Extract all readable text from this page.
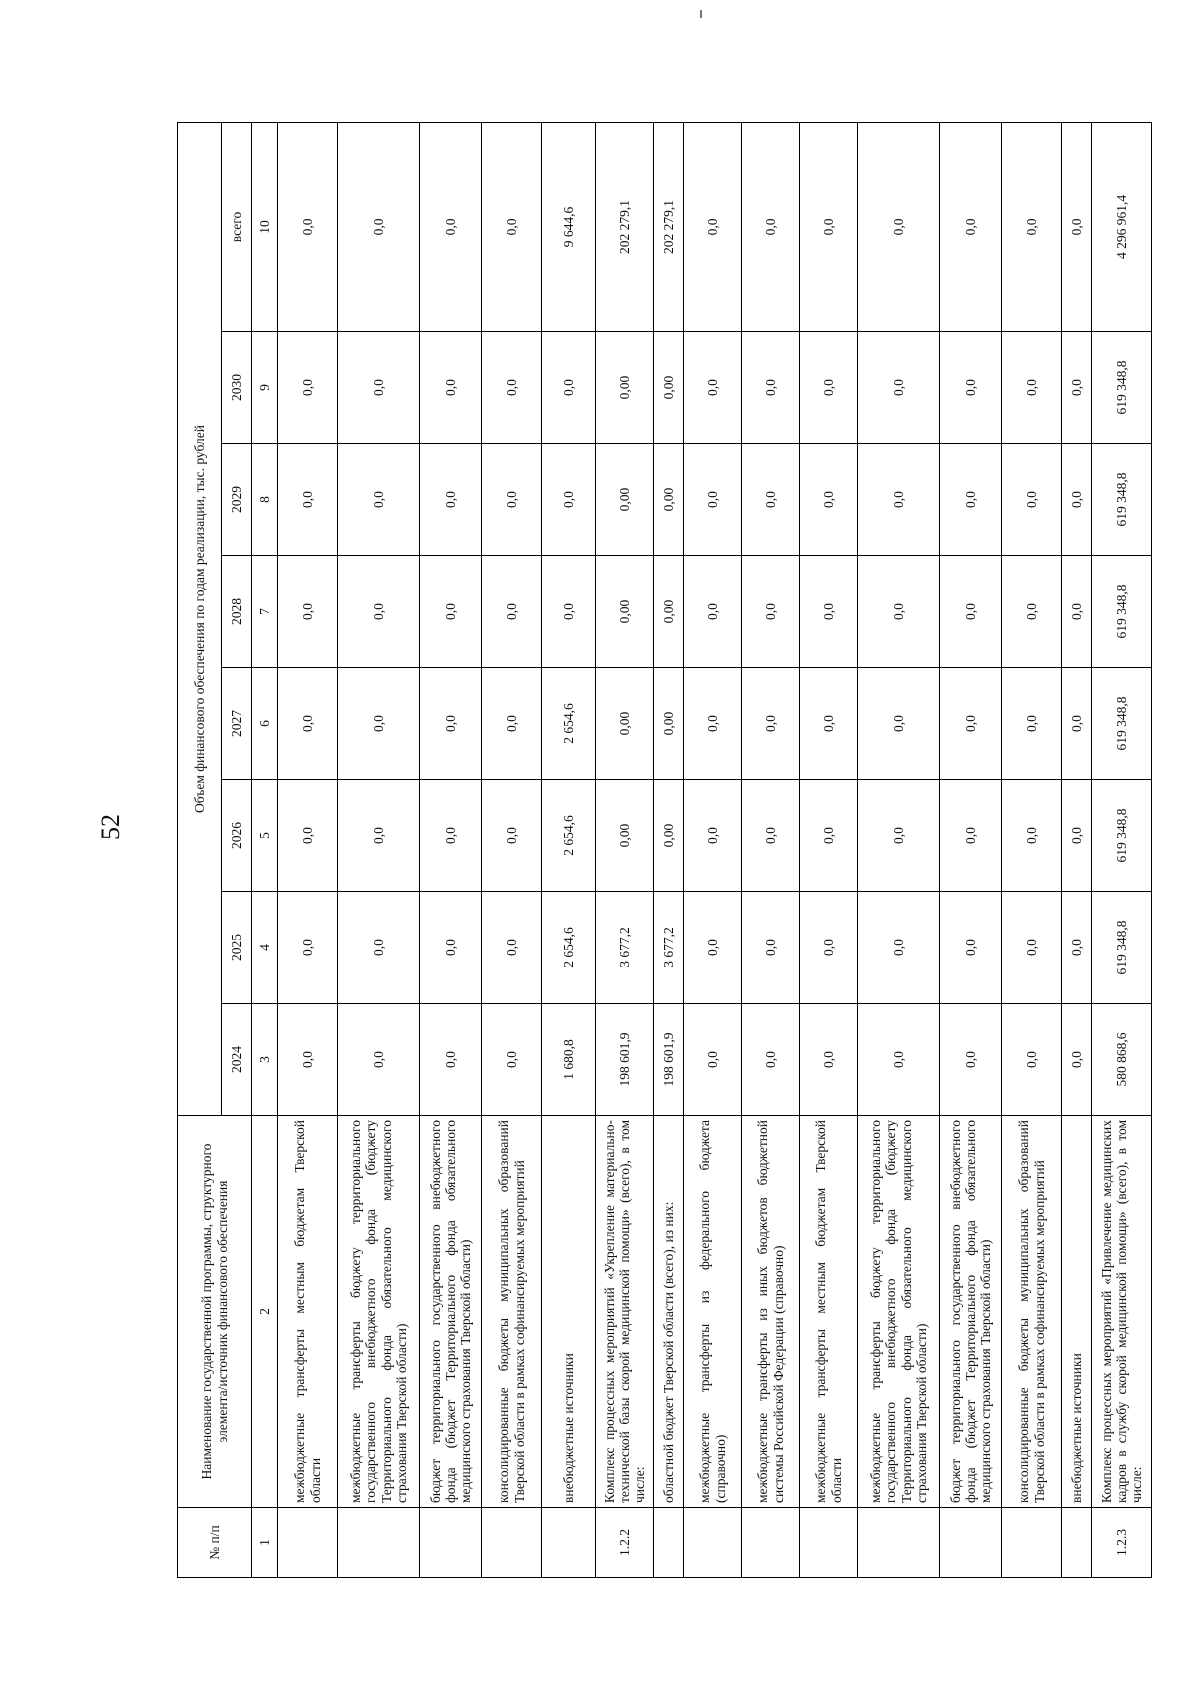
52
№ п/п	Наименование государственной программы, структурного элемента/источник финансового обеспечения	Объем финансового обеспечения по годам реализации, тыс. рублей							
		2024	2025	2026	2027	2028	2029	2030	всего
1	2	3	4	5	6	7	8	9	10
	межбюджетные трансферты местным бюджетам Тверской области	0,0	0,0	0,0	0,0	0,0	0,0	0,0	0,0
	межбюджетные трансферты бюджету территориального государственного внебюджетного фонда (бюджету Территориального фонда обязательного медицинского страхования Тверской области)	0,0	0,0	0,0	0,0	0,0	0,0	0,0	0,0
	бюджет территориального государственного внебюджетного фонда (бюджет Территориального фонда обязательного медицинского страхования Тверской области)	0,0	0,0	0,0	0,0	0,0	0,0	0,0	0,0
	консолидированные бюджеты муниципальных образований Тверской области в рамках софинансируемых мероприятий	0,0	0,0	0,0	0,0	0,0	0,0	0,0	0,0
	внебюджетные источники	1 680,8	2 654,6	2 654,6	2 654,6	0,0	0,0	0,0	9 644,6
1.2.2	Комплекс процессных мероприятий «Укрепление материально-технической базы скорой медицинской помощи» (всего), в том числе:	198 601,9	3 677,2	0,00	0,00	0,00	0,00	0,00	202 279,1
	областной бюджет Тверской области (всего), из них:	198 601,9	3 677,2	0,00	0,00	0,00	0,00	0,00	202 279,1
	межбюджетные трансферты из федерального бюджета (справочно)	0,0	0,0	0,0	0,0	0,0	0,0	0,0	0,0
	межбюджетные трансферты из иных бюджетов бюджетной системы Российской Федерации (справочно)	0,0	0,0	0,0	0,0	0,0	0,0	0,0	0,0
	межбюджетные трансферты местным бюджетам Тверской области	0,0	0,0	0,0	0,0	0,0	0,0	0,0	0,0
	межбюджетные трансферты бюджету территориального государственного внебюджетного фонда (бюджету Территориального фонда обязательного медицинского страхования Тверской области)	0,0	0,0	0,0	0,0	0,0	0,0	0,0	0,0
	бюджет территориального государственного внебюджетного фонда (бюджет Территориального фонда обязательного медицинского страхования Тверской области)	0,0	0,0	0,0	0,0	0,0	0,0	0,0	0,0
	консолидированные бюджеты муниципальных образований Тверской области в рамках софинансируемых мероприятий	0,0	0,0	0,0	0,0	0,0	0,0	0,0	0,0
	внебюджетные источники	0,0	0,0	0,0	0,0	0,0	0,0	0,0	0,0
1.2.3	Комплекс процессных мероприятий «Привлечение медицинских кадров в службу скорой медицинской помощи» (всего), в том числе:	580 868,6	619 348,8	619 348,8	619 348,8	619 348,8	619 348,8	619 348,8	4 296 961,4
